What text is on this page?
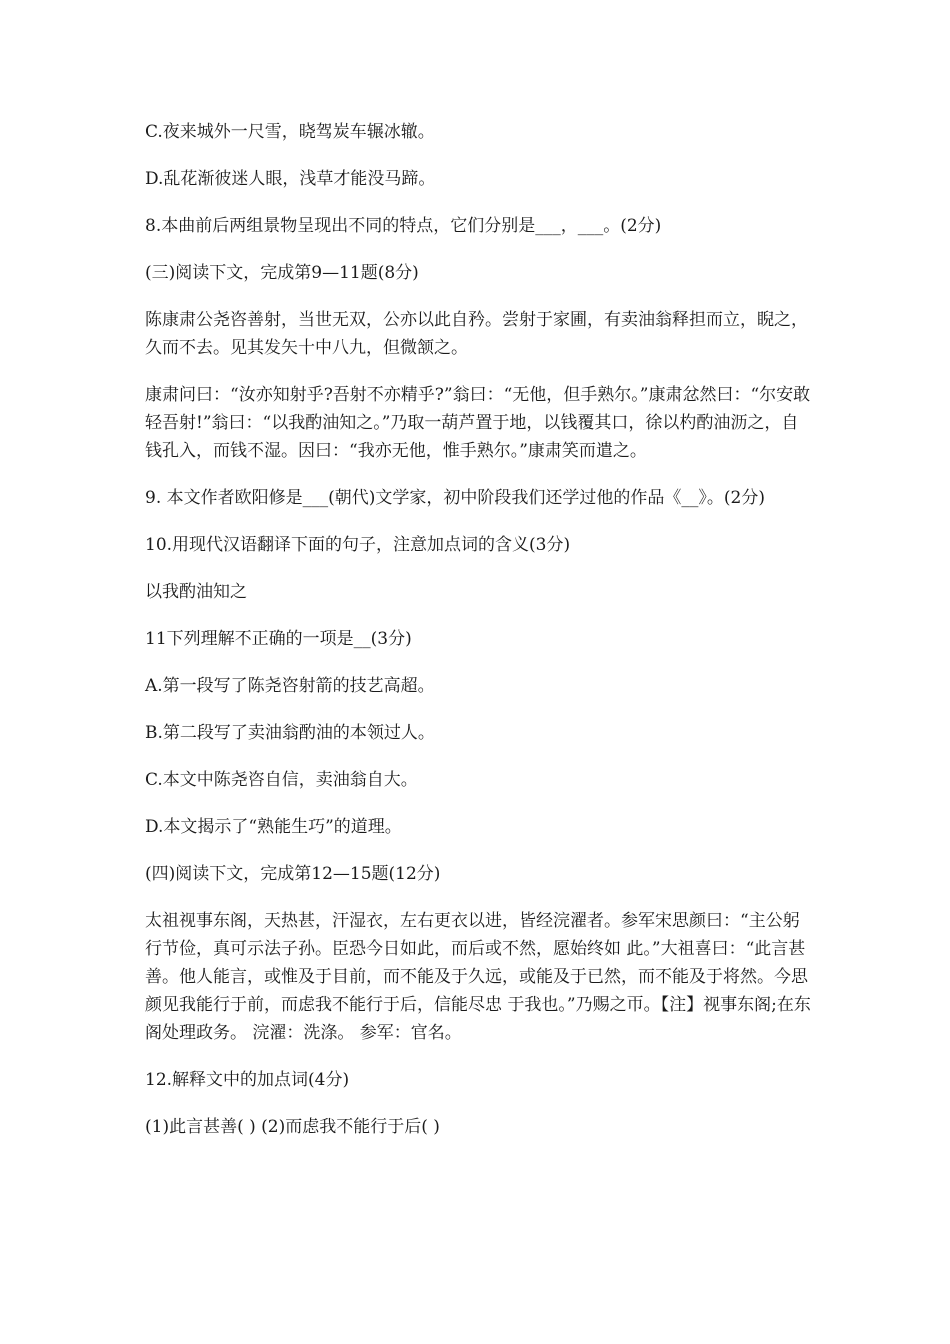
C.夜来城外一尺雪，晓驾炭车辗冰辙。

D.乱花渐彼迷人眼，浅草才能没马蹄。

8.本曲前后两组景物呈现出不同的特点，它们分别是___，___。(2分)

(三)阅读下文，完成第9—11题(8分)

陈康肃公尧咨善射，当世无双，公亦以此自矜。尝射于家圃，有卖油翁释担而立，睨之，久而不去。见其发矢十中八九，但微颔之。

康肃问曰：“汝亦知射乎?吾射不亦精乎?”翁曰：“无他，但手熟尔。”康肃忿然曰：“尔安敢轻吾射!”翁曰：“以我酌油知之。”乃取一葫芦置于地，以钱覆其口，徐以杓酌油沥之，自钱孔入，而钱不湿。因曰：“我亦无他，惟手熟尔。”康肃笑而遣之。

9. 本文作者欧阳修是___(朝代)文学家，初中阶段我们还学过他的作品《__》。(2分)

10.用现代汉语翻译下面的句子，注意加点词的含义(3分)

以我酌油知之

11下列理解不正确的一项是__(3分)

A.第一段写了陈尧咨射箭的技艺高超。

B.第二段写了卖油翁酌油的本领过人。

C.本文中陈尧咨自信，卖油翁自大。

D.本文揭示了“熟能生巧”的道理。

(四)阅读下文，完成第12—15题(12分)

太祖视事东阁，天热甚，汗湿衣，左右更衣以进，皆经浣濯者。参军宋思颜曰：“主公躬行节俭，真可示法子孙。臣恐今日如此，而后或不然，愿始终如 此。”大祖喜曰：“此言甚善。他人能言，或惟及于目前，而不能及于久远，或能及于已然，而不能及于将然。今思颜见我能行于前，而虑我不能行于后，信能尽忠 于我也。”乃赐之帀。【注】视事东阁;在东阁处理政务。 浣濯：洗涤。 参军：官名。

12.解释文中的加点词(4分)

(1)此言甚善( ) (2)而虑我不能行于后( )
